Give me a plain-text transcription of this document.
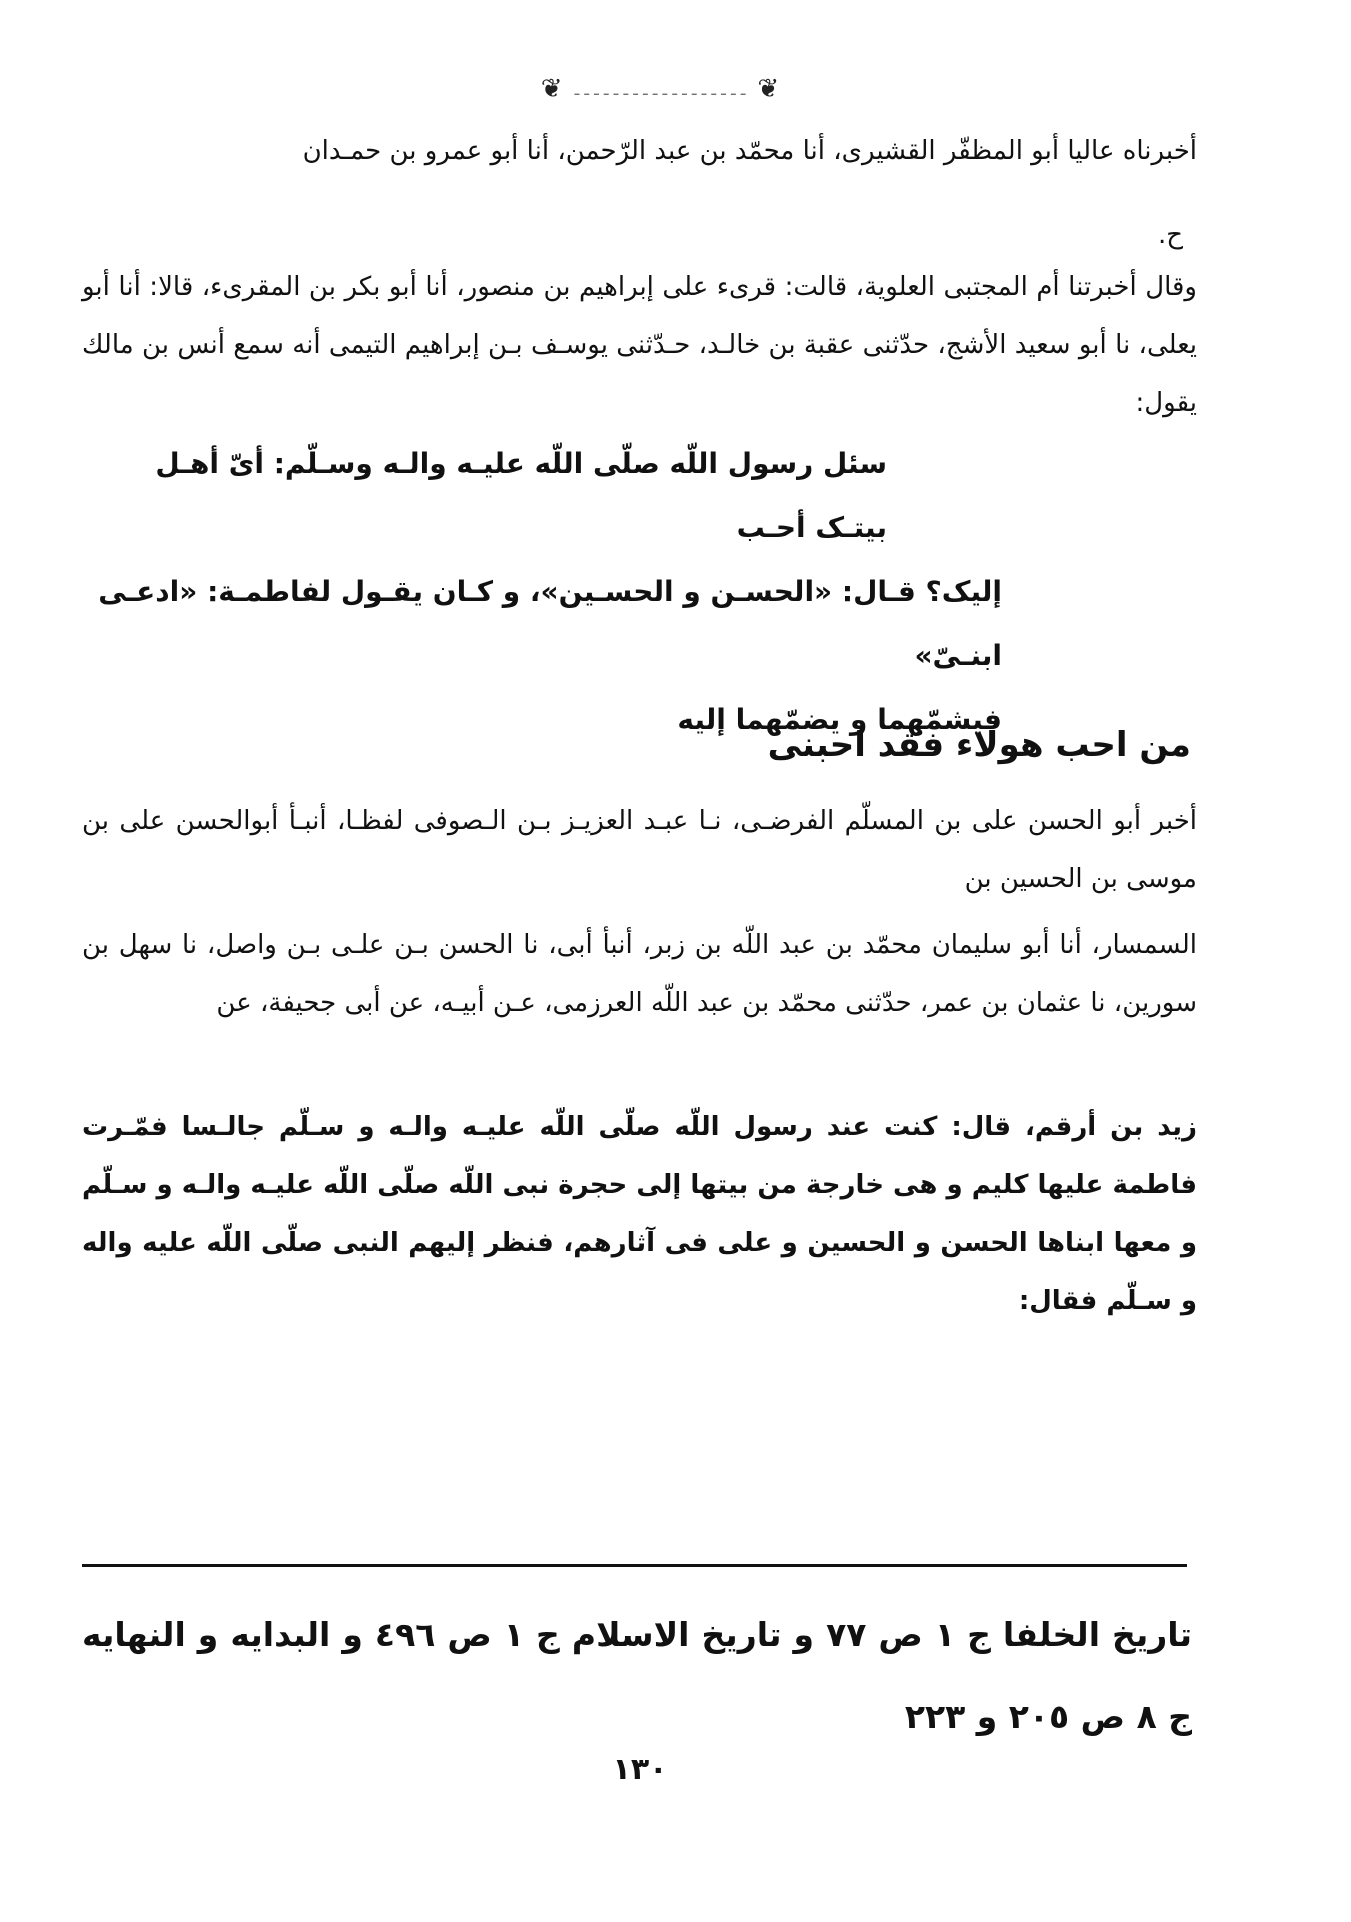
❦
ـ ـ ـ ـ ـ ـ ـ ـ ـ ـ ـ ـ ـ ـ ـ ـ ـ ـ
❦
أخبرناه عاليا أبو المظفّر القشيرى، أنا محمّد بن عبد الرّحمن، أنا أبو عمرو بن حمـدان
ح.
وقال أخبرتنا أم المجتبى العلوية، قالت: قرىء على إبراهيم بن منصور، أنا أبو بكر بن المقرىء، قالا: أنا أبو يعلى، نا أبو سعيد الأشج، حدّثنى عقبة بن خالـد، حـدّثنى يوسـف بـن إبراهيم التيمى أنه سمع أنس بن مالك يقول:
سئل رسول اللّه صلّى اللّه عليـه والـه وسـلّم: أىّ أهـل بيتـک أحـب
إليک؟ قـال: «الحسـن و الحسـين»، و كـان يقـول لفاطمـة: «ادعـى ابنـىّ»
فيشمّهما و يضمّهما إليه
من احب هولاء فقد احبنى
أخبر أبو الحسن على بن المسلّم الفرضـى، نـا عبـد العزيـز بـن الـصوفى لفظـا، أنبـأ أبوالحسن على بن موسى بن الحسين بن
السمسار، أنا أبو سليمان محمّد بن عبد اللّه بن زبر، أنبأ أبى، نا الحسن بـن علـى بـن واصل، نا سهل بن سورين، نا عثمان بن عمر، حدّثنى محمّد بن عبد اللّه العرزمى، عـن أبيـه، عن أبى جحيفة، عن
زيد بن أرقم، قال: كنت عند رسول اللّه صلّى اللّه عليـه والـه و سـلّم جالـسا فمّـرت فاطمة عليها كليم و هى خارجة من بيتها إلى حجرة نبى اللّه صلّى اللّه عليـه والـه و سـلّم و معها ابناها الحسن و الحسين و على فى آثارهم، فنظر إليهم النبى صلّى اللّه عليه واله و سـلّم فقال:
تاريخ الخلفا ج ١ ص ٧٧ و تاريخ الاسلام ج ١ ص ٤٩٦ و البدايه و النهايه ج ٨ ص ٢٠٥ و ٢٢٣
١٣٠
